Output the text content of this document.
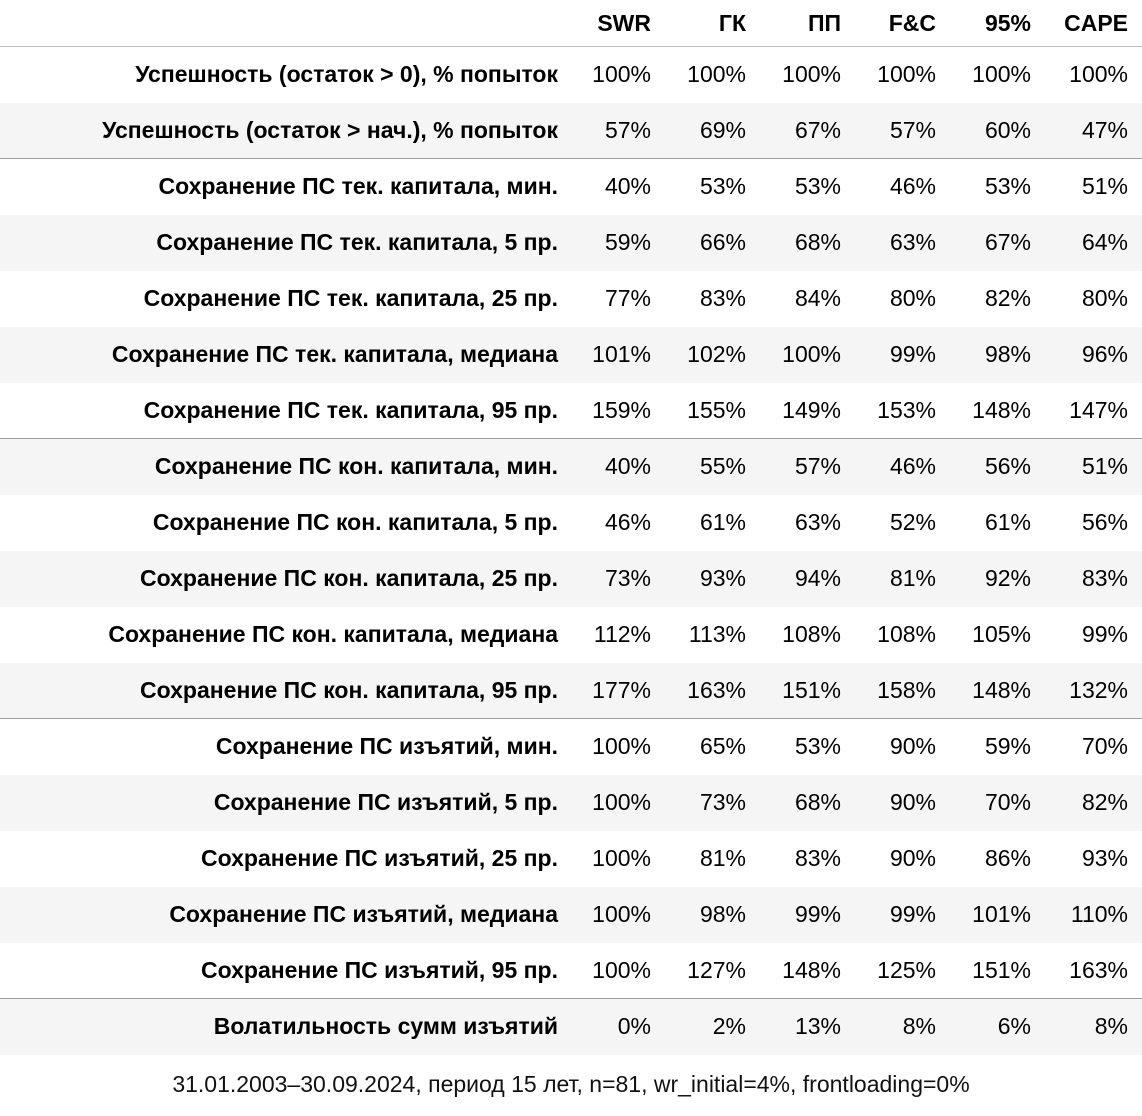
	SWR	ГК	ПП	F&C	95%	CAPE
Успешность (остаток > 0), % попыток	100%	100%	100%	100%	100%	100%
Успешность (остаток > нач.), % попыток	57%	69%	67%	57%	60%	47%
Сохранение ПС тек. капитала, мин.	40%	53%	53%	46%	53%	51%
Сохранение ПС тек. капитала, 5 пр.	59%	66%	68%	63%	67%	64%
Сохранение ПС тек. капитала, 25 пр.	77%	83%	84%	80%	82%	80%
Сохранение ПС тек. капитала, медиана	101%	102%	100%	99%	98%	96%
Сохранение ПС тек. капитала, 95 пр.	159%	155%	149%	153%	148%	147%
Сохранение ПС кон. капитала, мин.	40%	55%	57%	46%	56%	51%
Сохранение ПС кон. капитала, 5 пр.	46%	61%	63%	52%	61%	56%
Сохранение ПС кон. капитала, 25 пр.	73%	93%	94%	81%	92%	83%
Сохранение ПС кон. капитала, медиана	112%	113%	108%	108%	105%	99%
Сохранение ПС кон. капитала, 95 пр.	177%	163%	151%	158%	148%	132%
Сохранение ПС изъятий, мин.	100%	65%	53%	90%	59%	70%
Сохранение ПС изъятий, 5 пр.	100%	73%	68%	90%	70%	82%
Сохранение ПС изъятий, 25 пр.	100%	81%	83%	90%	86%	93%
Сохранение ПС изъятий, медиана	100%	98%	99%	99%	101%	110%
Сохранение ПС изъятий, 95 пр.	100%	127%	148%	125%	151%	163%
Волатильность сумм изъятий	0%	2%	13%	8%	6%	8%
31.01.2003–30.09.2024, период 15 лет, n=81, wr_initial=4%, frontloading=0%
